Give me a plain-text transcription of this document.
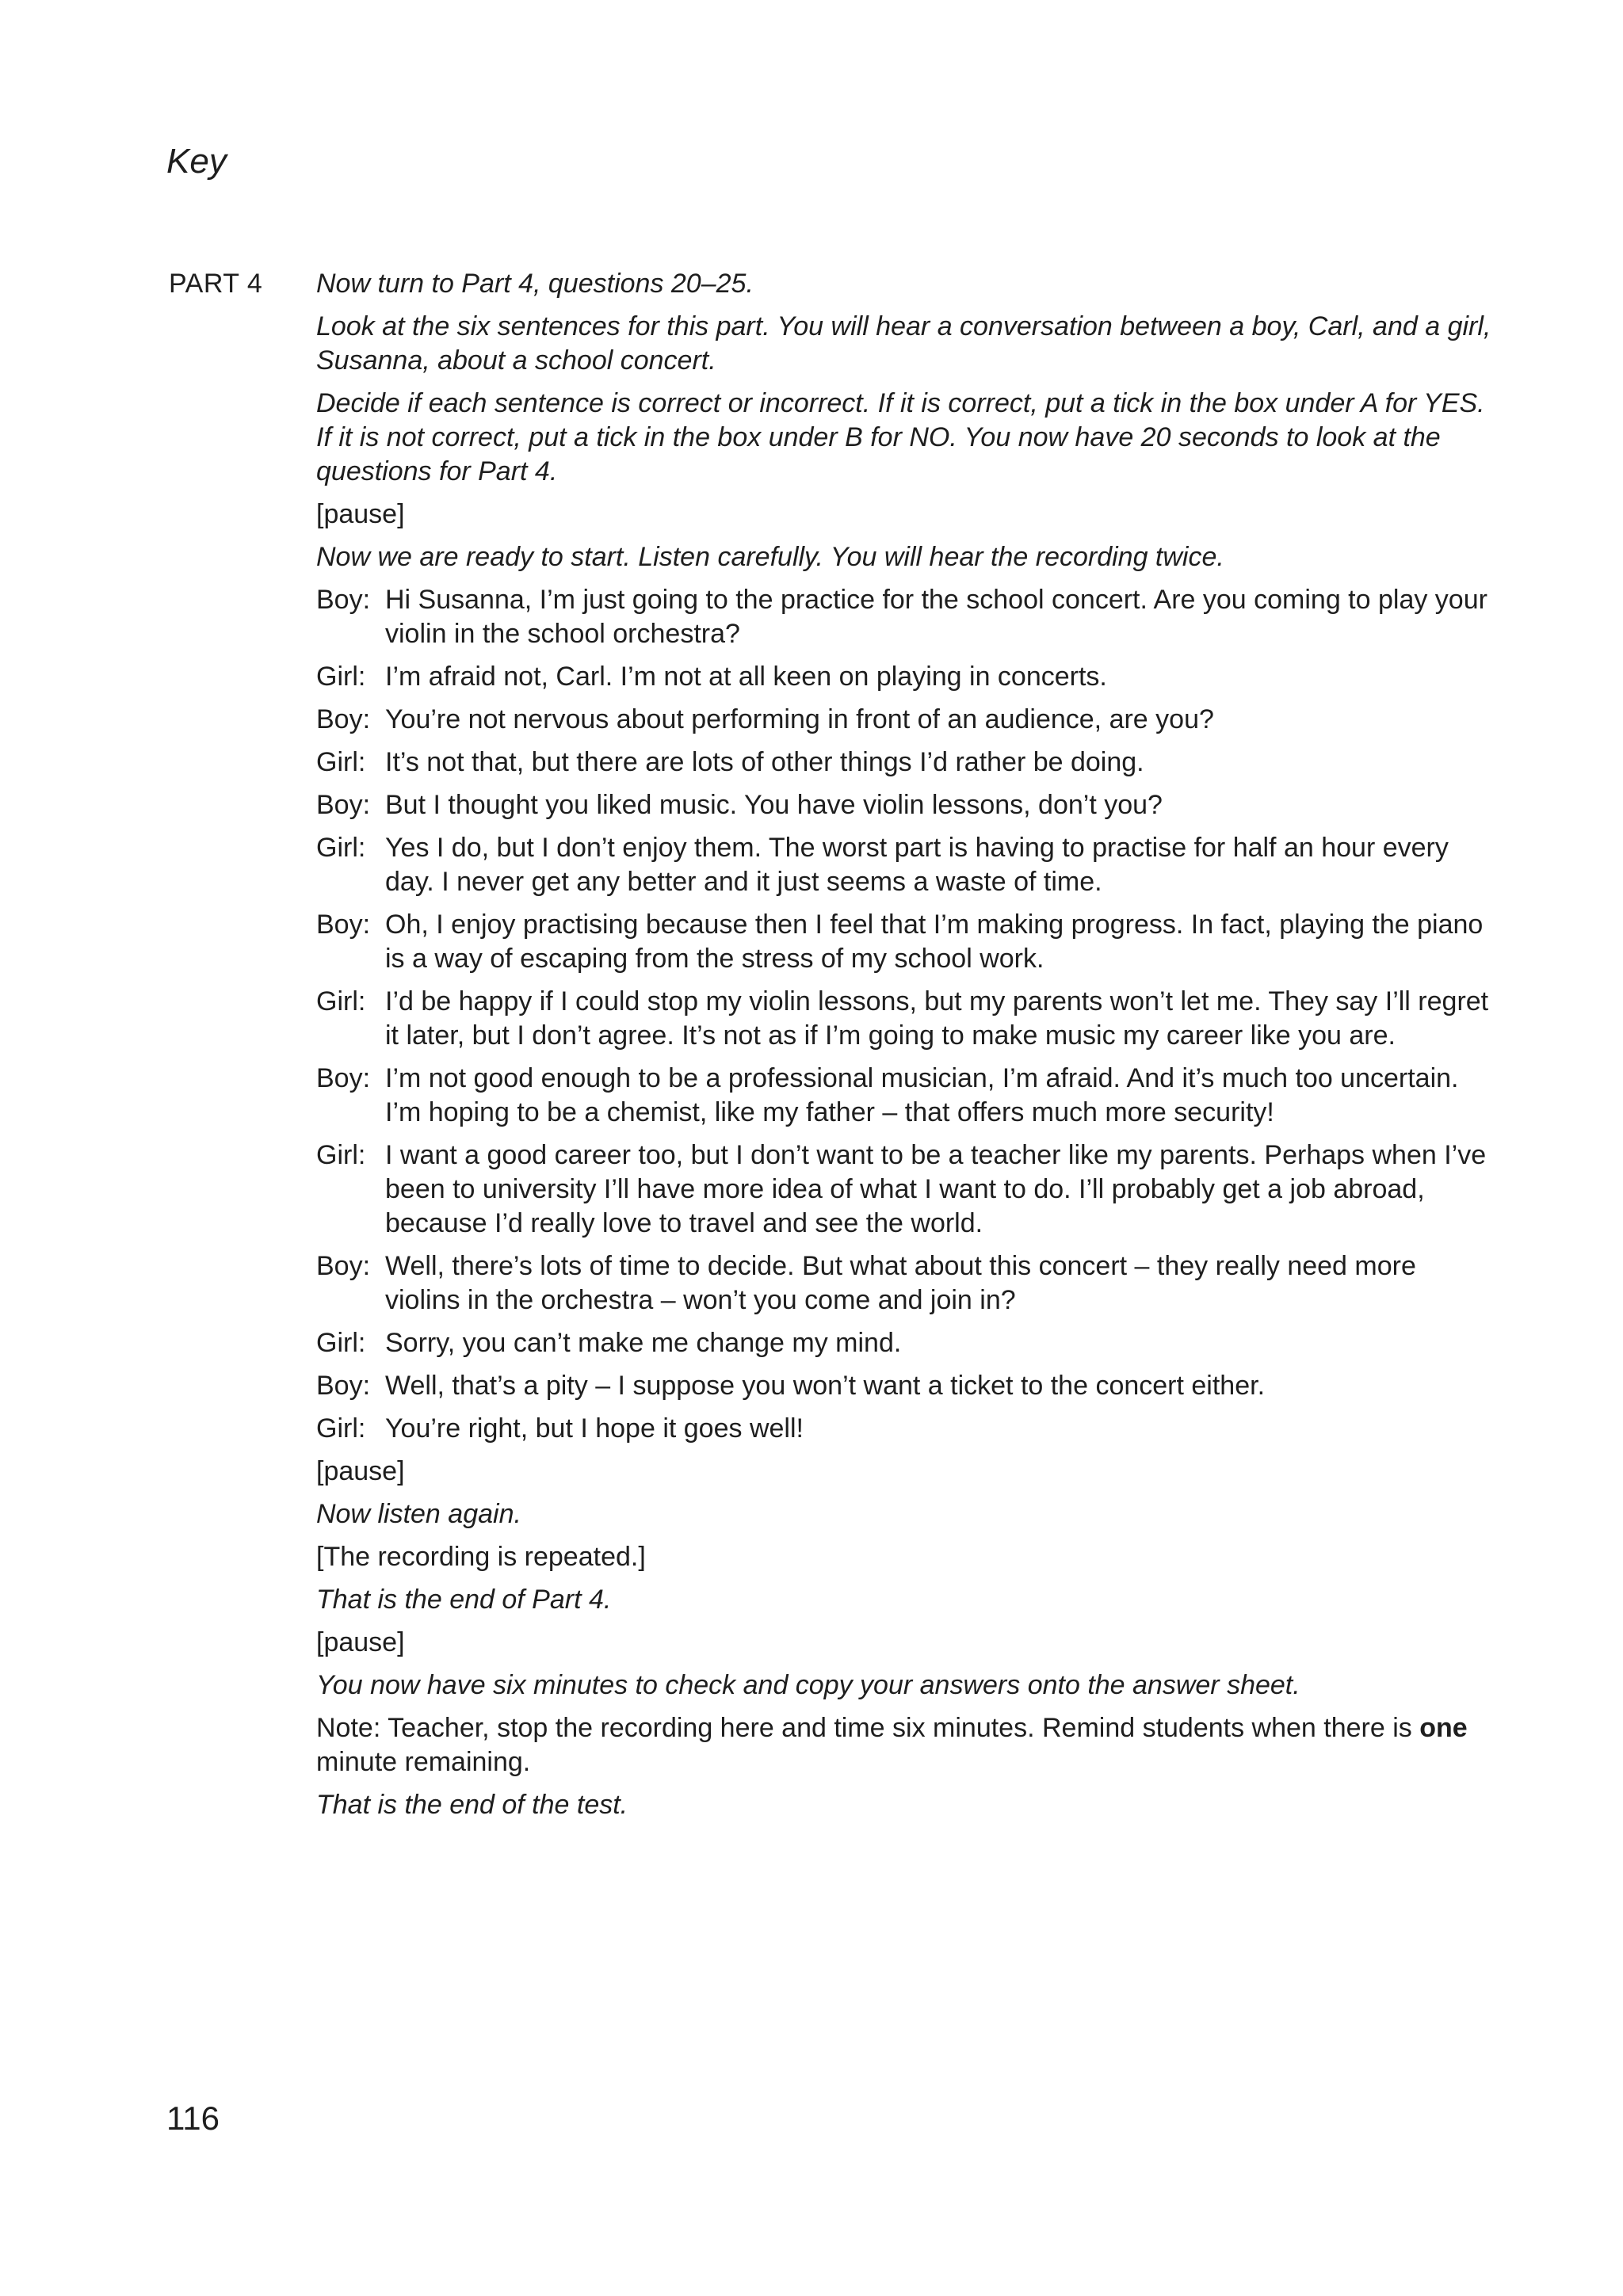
Key
PART 4 Now turn to Part 4, questions 20–25.

Look at the six sentences for this part. You will hear a conversation between a boy, Carl, and a girl, Susanna, about a school concert.

Decide if each sentence is correct or incorrect. If it is correct, put a tick in the box under A for YES. If it is not correct, put a tick in the box under B for NO. You now have 20 seconds to look at the questions for Part 4.

[pause]

Now we are ready to start. Listen carefully. You will hear the recording twice.

Boy: Hi Susanna, I’m just going to the practice for the school concert. Are you coming to play your violin in the school orchestra?
Girl: I’m afraid not, Carl. I’m not at all keen on playing in concerts.
Boy: You’re not nervous about performing in front of an audience, are you?
Girl: It’s not that, but there are lots of other things I’d rather be doing.
Boy: But I thought you liked music. You have violin lessons, don’t you?
Girl: Yes I do, but I don’t enjoy them. The worst part is having to practise for half an hour every day. I never get any better and it just seems a waste of time.
Boy: Oh, I enjoy practising because then I feel that I’m making progress. In fact, playing the piano is a way of escaping from the stress of my school work.
Girl: I’d be happy if I could stop my violin lessons, but my parents won’t let me. They say I’ll regret it later, but I don’t agree. It’s not as if I’m going to make music my career like you are.
Boy: I’m not good enough to be a professional musician, I’m afraid. And it’s much too uncertain. I’m hoping to be a chemist, like my father – that offers much more security!
Girl: I want a good career too, but I don’t want to be a teacher like my parents. Perhaps when I’ve been to university I’ll have more idea of what I want to do. I’ll probably get a job abroad, because I’d really love to travel and see the world.
Boy: Well, there’s lots of time to decide. But what about this concert – they really need more violins in the orchestra – won’t you come and join in?
Girl: Sorry, you can’t make me change my mind.
Boy: Well, that’s a pity – I suppose you won’t want a ticket to the concert either.
Girl: You’re right, but I hope it goes well!

[pause]

Now listen again.

[The recording is repeated.]

That is the end of Part 4.

[pause]

You now have six minutes to check and copy your answers onto the answer sheet.

Note: Teacher, stop the recording here and time six minutes. Remind students when there is one minute remaining.

That is the end of the test.

116
